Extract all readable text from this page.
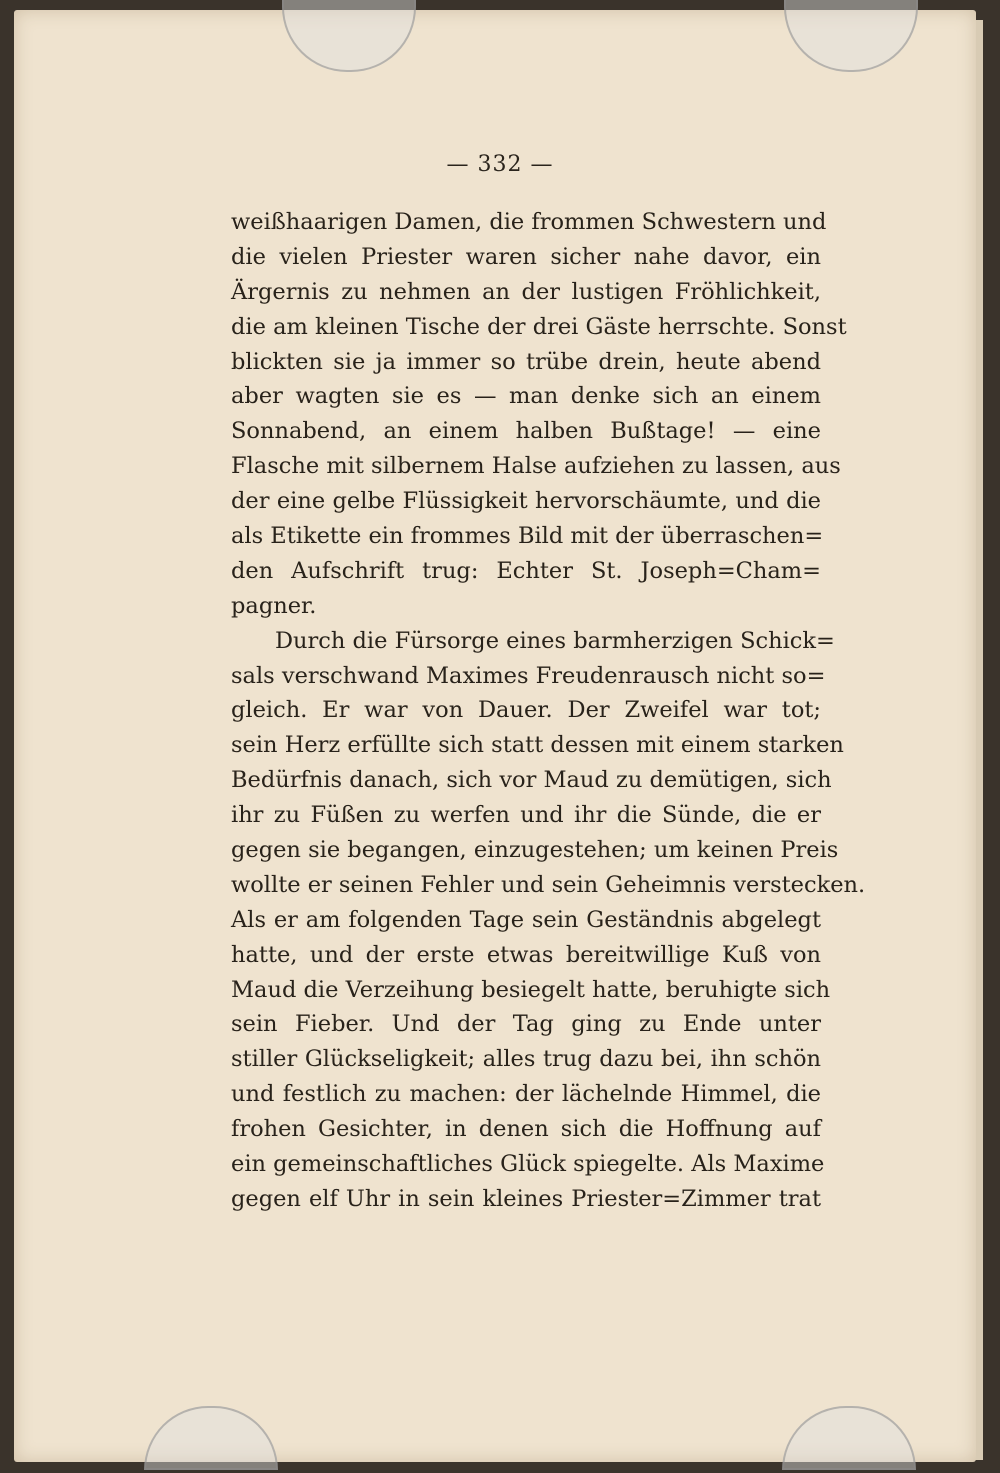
— 332 —
weißhaarigen Damen, die frommen Schwestern und
die vielen Priester waren sicher nahe davor, ein
Ärgernis zu nehmen an der lustigen Fröhlichkeit,
die am kleinen Tische der drei Gäste herrschte. Sonst
blickten sie ja immer so trübe drein, heute abend
aber wagten sie es — man denke sich an einem
Sonnabend, an einem halben Bußtage! — eine
Flasche mit silbernem Halse aufziehen zu lassen, aus
der eine gelbe Flüssigkeit hervorschäumte, und die
als Etikette ein frommes Bild mit der überraschen=
den Aufschrift trug: Echter St. Joseph=Cham=
pagner.
Durch die Fürsorge eines barmherzigen Schick=
sals verschwand Maximes Freudenrausch nicht so=
gleich. Er war von Dauer. Der Zweifel war tot;
sein Herz erfüllte sich statt dessen mit einem starken
Bedürfnis danach, sich vor Maud zu demütigen, sich
ihr zu Füßen zu werfen und ihr die Sünde, die er
gegen sie begangen, einzugestehen; um keinen Preis
wollte er seinen Fehler und sein Geheimnis verstecken.
Als er am folgenden Tage sein Geständnis abgelegt
hatte, und der erste etwas bereitwillige Kuß von
Maud die Verzeihung besiegelt hatte, beruhigte sich
sein Fieber. Und der Tag ging zu Ende unter
stiller Glückseligkeit; alles trug dazu bei, ihn schön
und festlich zu machen: der lächelnde Himmel, die
frohen Gesichter, in denen sich die Hoffnung auf
ein gemeinschaftliches Glück spiegelte. Als Maxime
gegen elf Uhr in sein kleines Priester=Zimmer trat
